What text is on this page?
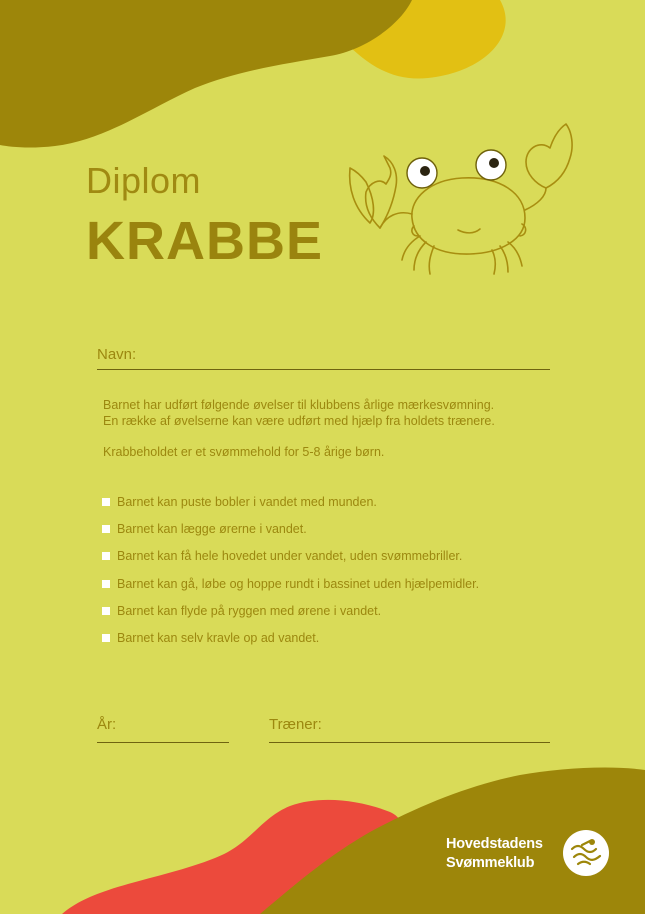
Diplom
KRABBE
Navn:
Barnet har udført følgende øvelser til klubbens årlige mærkesvømning.
En række af øvelserne kan være udført med hjælp fra holdets trænere.
Krabbeholdet er et svømmehold for 5-8 årige børn.
Barnet kan puste bobler i vandet med munden.
Barnet kan lægge ørerne i vandet.
Barnet kan få hele hovedet under vandet, uden svømmebriller.
Barnet kan gå, løbe og hoppe rundt i bassinet uden hjælpemidler.
Barnet kan flyde på ryggen med ørene i vandet.
Barnet kan selv kravle op ad vandet.
År:	Træner:
Hovedstadens
Svømmeklub
